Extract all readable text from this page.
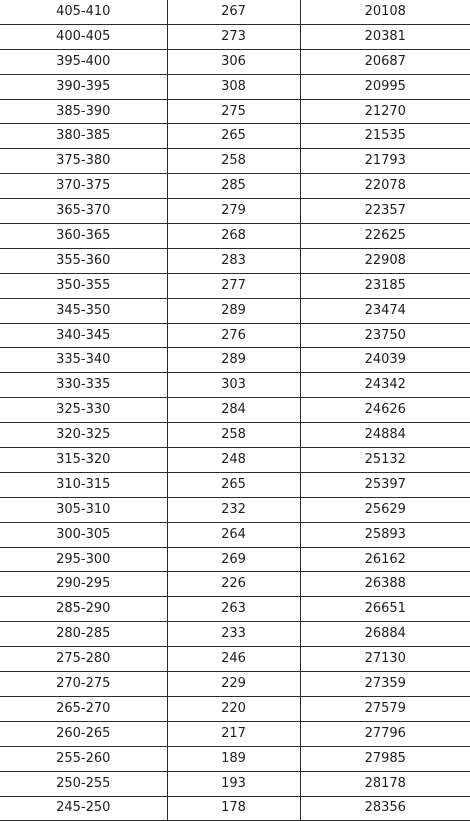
405-410	267	20108
400-405	273	20381
395-400	306	20687
390-395	308	20995
385-390	275	21270
380-385	265	21535
375-380	258	21793
370-375	285	22078
365-370	279	22357
360-365	268	22625
355-360	283	22908
350-355	277	23185
345-350	289	23474
340-345	276	23750
335-340	289	24039
330-335	303	24342
325-330	284	24626
320-325	258	24884
315-320	248	25132
310-315	265	25397
305-310	232	25629
300-305	264	25893
295-300	269	26162
290-295	226	26388
285-290	263	26651
280-285	233	26884
275-280	246	27130
270-275	229	27359
265-270	220	27579
260-265	217	27796
255-260	189	27985
250-255	193	28178
245-250	178	28356
